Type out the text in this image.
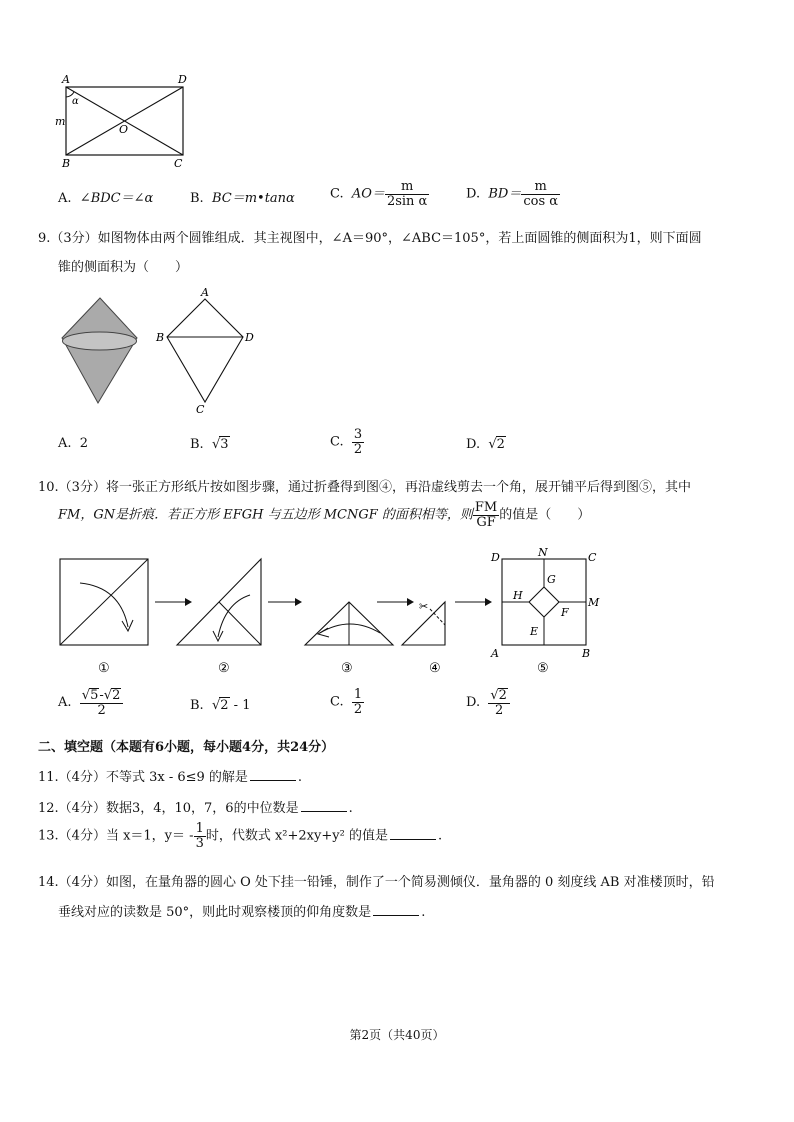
A	D
B	C
m
O
α
A. ∠BDC＝∠α	B. BC＝m•tanα	C. $AO= \frac{m}{\text{2sin α}}$	D. $BD= \frac{m}{\text{cos α}}$
9.（3分）如图物体由两个圆锥组成．其主视图中，∠A＝90°，∠ABC＝105°，若上面圆锥的侧面积为1，则下面圆
锥的侧面积为（　　）
A
B	D
C
A. 2	B.  √3	C. $\frac{3}{2}$	D.  √2
10.（3分）将一张正方形纸片按如图步骤，通过折叠得到图④，再沿虚线剪去一个角，展开铺平后得到图⑤，其中
FM，GN是折痕．若正方形 EFGH 与五边形 MCNGF 的面积相等，则 $\frac{FM}{GF}$ 的值是（　　）
✂
D	N	C
G
H
M
F
E
A	B
①	②	③	④	⑤
A. $\frac{√5-√2}{2}$	B.  √2 - 1	C. $\frac{1}{2}$	D. $\frac{√2}{2}$
二、填空题（本题有6小题，每小题4分，共24分）
11.（4分）不等式 3x - 6≤9 的解是	.
12.（4分）数据3，4，10，7，6的中位数是	.
13.（4分）当 x＝1，$y= - \frac{1}{3}$ 时，代数式 x²+2xy+y² 的值是	.
14.（4分）如图，在量角器的圆心 O 处下挂一铅锤，制作了一个简易测倾仪．量角器的 0 刻度线 AB 对准楼顶时，铅
垂线对应的读数是 50°，则此时观察楼顶的仰角度数是	.
第2页（共40页）
